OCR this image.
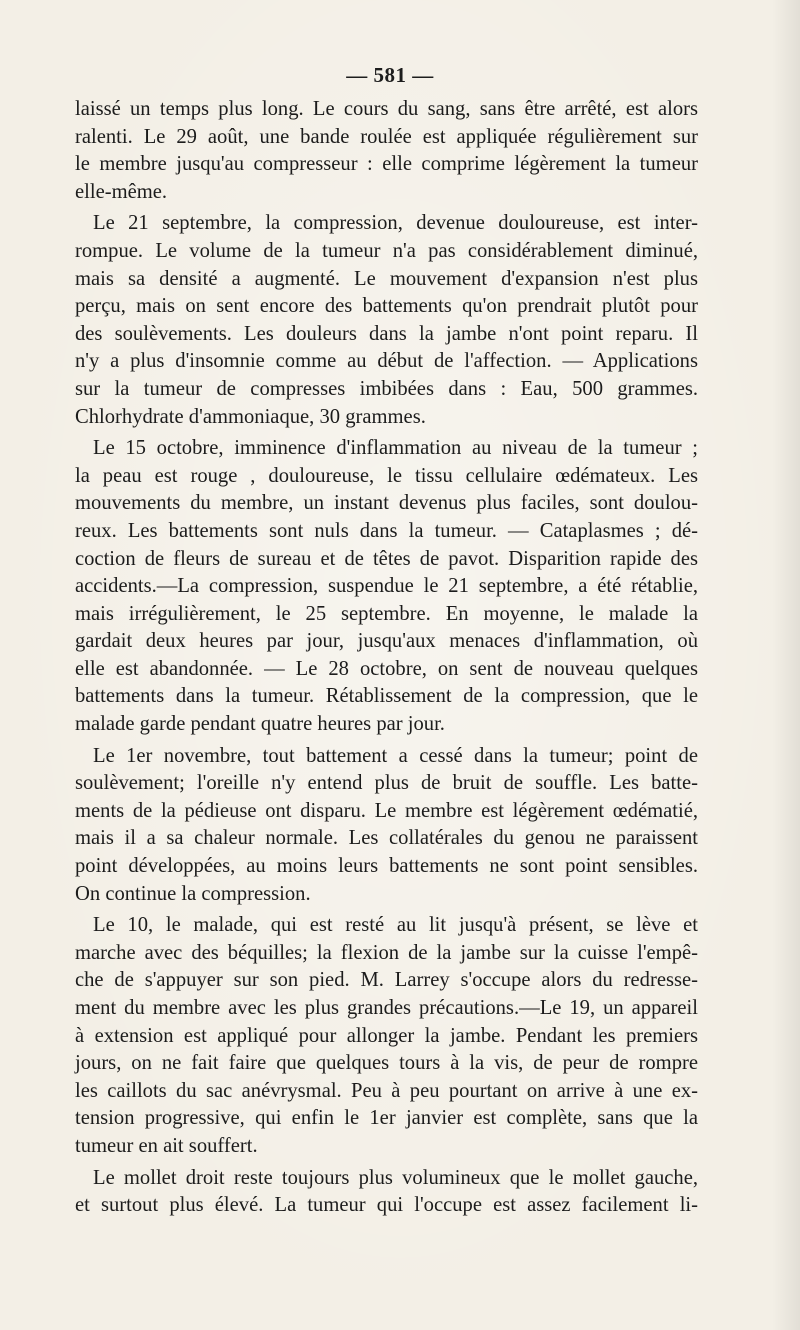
— 581 —
laissé un temps plus long. Le cours du sang, sans être arrêté, est alors
ralenti. Le 29 août, une bande roulée est appliquée régulièrement sur
le membre jusqu'au compresseur : elle comprime légèrement la tumeur
elle-même.
Le 21 septembre, la compression, devenue douloureuse, est inter-
rompue. Le volume de la tumeur n'a pas considérablement diminué,
mais sa densité a augmenté. Le mouvement d'expansion n'est plus
perçu, mais on sent encore des battements qu'on prendrait plutôt pour
des soulèvements. Les douleurs dans la jambe n'ont point reparu. Il
n'y a plus d'insomnie comme au début de l'affection. — Applications
sur la tumeur de compresses imbibées dans : Eau, 500 grammes.
Chlorhydrate d'ammoniaque, 30 grammes.
Le 15 octobre, imminence d'inflammation au niveau de la tumeur ;
la peau est rouge , douloureuse, le tissu cellulaire œdémateux. Les
mouvements du membre, un instant devenus plus faciles, sont doulou-
reux. Les battements sont nuls dans la tumeur. — Cataplasmes ; dé-
coction de fleurs de sureau et de têtes de pavot. Disparition rapide des
accidents.—La compression, suspendue le 21 septembre, a été rétablie,
mais irrégulièrement, le 25 septembre. En moyenne, le malade la
gardait deux heures par jour, jusqu'aux menaces d'inflammation, où
elle est abandonnée. — Le 28 octobre, on sent de nouveau quelques
battements dans la tumeur. Rétablissement de la compression, que le
malade garde pendant quatre heures par jour.
Le 1er novembre, tout battement a cessé dans la tumeur; point de
soulèvement; l'oreille n'y entend plus de bruit de souffle. Les batte-
ments de la pédieuse ont disparu. Le membre est légèrement œdématié,
mais il a sa chaleur normale. Les collatérales du genou ne paraissent
point développées, au moins leurs battements ne sont point sensibles.
On continue la compression.
Le 10, le malade, qui est resté au lit jusqu'à présent, se lève et
marche avec des béquilles; la flexion de la jambe sur la cuisse l'empê-
che de s'appuyer sur son pied. M. Larrey s'occupe alors du redresse-
ment du membre avec les plus grandes précautions.—Le 19, un appareil
à extension est appliqué pour allonger la jambe. Pendant les premiers
jours, on ne fait faire que quelques tours à la vis, de peur de rompre
les caillots du sac anévrysmal. Peu à peu pourtant on arrive à une ex-
tension progressive, qui enfin le 1er janvier est complète, sans que la
tumeur en ait souffert.
Le mollet droit reste toujours plus volumineux que le mollet gauche,
et surtout plus élevé. La tumeur qui l'occupe est assez facilement li-
